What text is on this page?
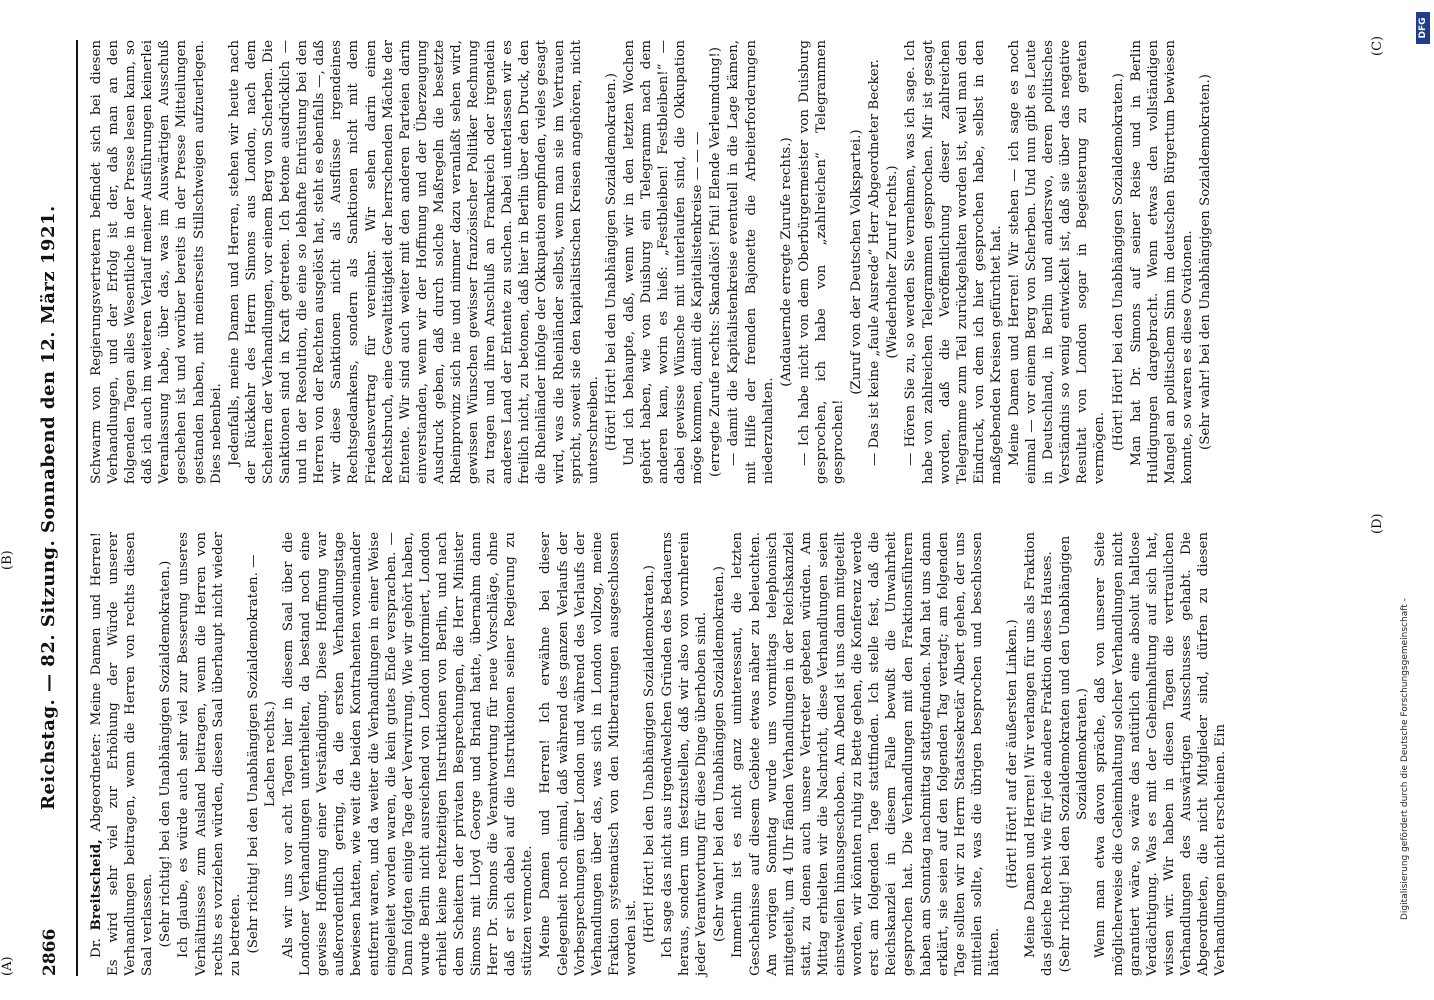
2866
Reichstag. — 82. Sitzung. Sonnabend den 12. März 1921.

Dr. Breitscheid, Abgeordneter: Meine Damen und Herren! Es wird sehr viel zur Erhöhung der Würde unserer Verhandlungen beitragen, wenn die Herren von rechts diesen Saal verlassen. (Sehr richtig! bei den Unabhängigen Sozialdemokraten.) Ich glaube, es würde auch sehr viel zur Besserung unseres Verhältnisses zum Ausland beitragen, wenn die Herren von rechts es vorziehen würden, diesen Saal überhaupt nicht wieder zu betreten. (Sehr richtig! bei den Unabhängigen Sozialdemokraten. — Lachen rechts.) Als wir uns vor acht Tagen hier in diesem Saal über die Londoner Verhandlungen unterhielten, da bestand noch eine gewisse Hoffnung einer Verständigung. Diese Hoffnung war außerordentlich gering, da die ersten Verhandlungstage bewiesen hatten, wie weit die beiden Kontrahenten voneinander entfernt waren, und da weiter die Verhandlungen in einer Weise eingeleitet worden waren, die kein gutes Ende versprachen. — Dann folgten einige Tage der Verwirrung. Wie wir gehört haben, wurde Berlin nicht ausreichend von London informiert, London erhielt keine rechtzeitigen Instruktionen von Berlin, und nach dem Scheitern der privaten Besprechungen, die Herr Minister Simons mit Lloyd George und Briand hatte, übernahm dann Herr Dr. Simons die Verantwortung für neue Vorschläge, ohne daß er sich dabei auf die Instruktionen seiner Regierung zu stützen vermochte. Meine Damen und Herren! Ich erwähne bei dieser Gelegenheit noch einmal, daß während des ganzen Verlaufs der Vorbesprechungen über London und während des Verlaufs der Verhandlungen über das, was sich in London vollzog, meine Fraktion systematisch von den Mitberatungen ausgeschlossen worden ist. (Hört! Hört! bei den Unabhängigen Sozialdemokraten.) Ich sage das nicht aus irgendwelchen Gründen des Bedauerns heraus, sondern um festzustellen, daß wir also von vornherein jeder Verantwortung für diese Dinge überhoben sind. (Sehr wahr! bei den Unabhängigen Sozialdemokraten.) Immerhin ist es nicht ganz uninteressant, die letzten Geschehnisse auf diesem Gebiete etwas näher zu beleuchten. Am vorigen Sonntag wurde uns vormittags telephonisch mitgeteilt, um 4 Uhr fänden Verhandlungen in der Reichskanzlei statt, zu denen auch unsere Vertreter gebeten würden. Am Mittag erhielten wir die Nachricht, diese Verhandlungen seien einstweilen hinausgeschoben. Am Abend ist uns dann mitgeteilt worden, wir könnten ruhig zu Bette gehen, die Konferenz werde erst am folgenden Tage stattfinden. Ich stelle fest, daß die Reichskanzlei in diesem Falle bewußt die Unwahrheit gesprochen hat. Die Verhandlungen mit den Fraktionsführern haben am Sonntag nachmittag stattgefunden. Man hat uns dann erklärt, sie seien auf den folgenden Tag vertagt; am folgenden Tage sollten wir zu Herrn Staatssekretär Albert gehen, der uns mitteilen sollte, was die übrigen besprochen und beschlossen hätten.

(Hört! Hört! auf der äußersten Linken.) Meine Damen und Herren! Wir verlangen für uns als Fraktion das gleiche Recht wie für jede andere Fraktion dieses Hauses. (Sehr richtig! bei den Sozialdemokraten und den Unabhängigen Sozialdemokraten.) Wenn man etwa davon spräche, daß von unserer Seite möglicherweise die Geheimhaltung solcher Verhandlungen nicht garantiert wäre, so wäre das natürlich eine absolut haltlose Verdächtigung. Was es mit der Geheimhaltung auf sich hat, wissen wir. Wir haben in diesen Tagen die vertraulichen Verhandlungen des Auswärtigen Ausschusses gehabt. Die Abgeordneten, die nicht Mitglieder sind, dürfen zu diesen Verhandlungen nicht erscheinen. Ein

Schwarm von Regierungsvertretern befindet sich bei diesen Verhandlungen, und der Erfolg ist der, daß man an den folgenden Tagen alles Wesentliche in der Presse lesen kann, so daß ich auch im weiteren Verlauf meiner Ausführungen keinerlei Veranlassung habe, über das, was im Auswärtigen Ausschuß geschehen ist und worüber bereits in der Presse Mitteilungen gestanden haben, mit meinerseits Stillschweigen aufzuerlegen. Dies nebenbei. Jedenfalls, meine Damen und Herren, stehen wir heute nach der Rückkehr des Herrn Simons aus London, nach dem Scheitern der Verhandlungen, vor einem Berg von Scherben. Die Sanktionen sind in Kraft getreten. Ich betone ausdrücklich — und in der Resolution, die eine so lebhafte Entrüstung bei den Herren von der Rechten ausgelöst hat, steht es ebenfalls —, daß wir diese Sanktionen nicht als Ausflüsse irgendeines Rechtsgedankens, sondern als Sanktionen nicht mit dem Friedensvertrag für vereinbar. Wir sehen darin einen Rechtsbruch, eine Gewalttätigkeit der herrschenden Mächte der Entente. Wir sind auch weiter mit den anderen Parteien darin einverstanden, wenn wir der Hoffnung und der Überzeugung Ausdruck geben, daß durch solche Maßregeln die besetzte Rheinprovinz sich nie und nimmer dazu veranlaßt sehen wird, gewissen Wünschen gewisser französischer Politiker Rechnung zu tragen und ihren Anschluß an Frankreich oder irgendein anderes Land der Entente zu suchen. Dabei unterlassen wir es freilich nicht, zu betonen, daß hier in Berlin über den Druck, den die Rheinländer infolge der Okkupation empfinden, vieles gesagt wird, was die Rheinländer selbst, wenn man sie im Vertrauen spricht, soweit sie den kapitalistischen Kreisen angehören, nicht unterschreiben. (Hört! Hört! bei den Unabhängigen Sozialdemokraten.) Und ich behaupte, daß, wenn wir in den letzten Wochen gehört haben, wie von Duisburg ein Telegramm nach dem anderen kam, worin es hieß: „Festbleiben! Festbleiben!“ — dabei gewisse Wünsche mit unterlaufen sind, die Okkupation möge kommen, damit die Kapitalistenkreise — — — (erregte Zurufe rechts: Skandalös! Pfui! Elende Verleumdung!) — damit die Kapitalistenkreise eventuell in die Lage kämen, mit Hilfe der fremden Bajonette die Arbeiterforderungen niederzuhalten.

(Andauernde erregte Zurufe rechts.) — Ich habe nicht von dem Oberbürgermeister von Duisburg gesprochen, ich habe von „zahlreichen“ Telegrammen gesprochen!

(Zuruf von der Deutschen Volkspartei.) — Das ist keine „faule Ausrede“ Herr Abgeordneter Becker. (Wiederholter Zuruf rechts.) — Hören Sie zu, so werden Sie vernehmen, was ich sage. Ich habe von zahlreichen Telegrammen gesprochen. Mir ist gesagt worden, daß die Veröffentlichung dieser zahlreichen Telegramme zum Teil zurückgehalten worden ist, weil man den Eindruck, von dem ich hier gesprochen habe, selbst in den maßgebenden Kreisen gefürchtet hat. Meine Damen und Herren! Wir stehen — ich sage es noch einmal — vor einem Berg von Scherben. Und nun gibt es Leute in Deutschland, in Berlin und anderswo, deren politisches Verständnis so wenig entwickelt ist, daß sie über das negative Resultat von London sogar in Begeisterung zu geraten vermögen. (Hört! Hört! bei den Unabhängigen Sozialdemokraten.) Man hat Dr. Simons auf seiner Reise und in Berlin Huldigungen dargebracht. Wenn etwas den vollständigen Mangel an politischem Sinn im deutschen Bürgertum bewiesen konnte, so waren es diese Ovationen. (Sehr wahr! bei den Unabhängigen Sozialdemokraten.)

(A)
(B)
(C)
(D)
Digitalisierung gefördert durch die Deutsche Forschungsgemeinschaft -
DFG
